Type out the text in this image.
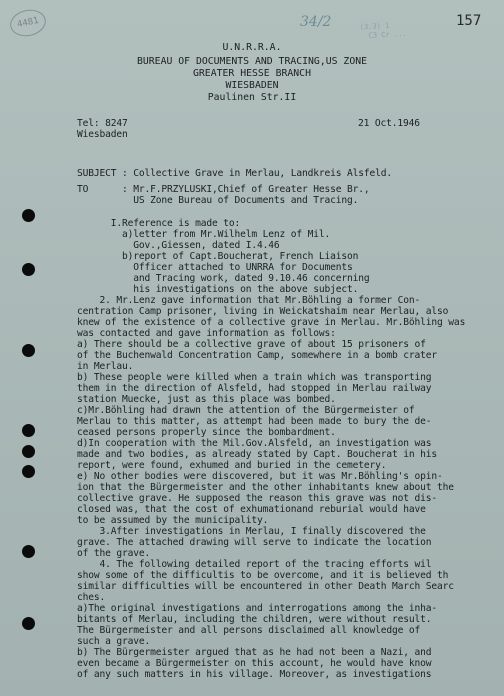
4481	34/2	(3.3) 1
C3 Cr ...
157
U.N.R.R.A.
BUREAU OF DOCUMENTS AND TRACING,US ZONE
GREATER HESSE BRANCH
WIESBADEN
Paulinen Str.II
Tel: 8247
Wiesbaden
21 Oct.1946
SUBJECT : Collective Grave in Merlau, Landkreis Alsfeld.
TO      : Mr.F.PRZYLUSKI,Chief of Greater Hesse Br.,
US Zone Bureau of Documents and Tracing.
I.Reference is made to:
a)letter from Mr.Wilhelm Lenz of Mil.
Gov.,Giessen, dated I.4.46
b)report of Capt.Boucherat, French Liaison
Officer attached to UNRRA for Documents
and Tracing work, dated 9.10.46 concerning
his investigations on the above subject.
2. Mr.Lenz gave information that Mr.Böhling a former Con-
centration Camp prisoner, living in Weickatshaim near Merlau, also
knew of the existence of a collective grave in Merlau. Mr.Böhling was
was contacted and gave information as follows:
a) There should be a collective grave of about 15 prisoners of
of the Buchenwald Concentration Camp, somewhere in a bomb crater
in Merlau.
b) These people were killed when a train which was transporting
them in the direction of Alsfeld, had stopped in Merlau railway
station Muecke, just as this place was bombed.
c)Mr.Böhling had drawn the attention of the Bürgermeister of
Merlau to this matter, as attempt had been made to bury the de-
ceased persons properly since the bombardment.
d)In cooperation with the Mil.Gov.Alsfeld, an investigation was
made and two bodies, as already stated by Capt. Boucherat in his
report, were found, exhumed and buried in the cemetery.
e) No other bodies were discovered, but it was Mr.Böhling's opin-
ion that the Bürgermeister and the other inhabitants knew about the
collective grave. He supposed the reason this grave was not dis-
closed was, that the cost of exhumationand reburial would have
to be assumed by the municipality.
3.After investigations in Merlau, I finally discovered the
grave. The attached drawing will serve to indicate the location
of the grave.
4. The following detailed report of the tracing efforts wil
show some of the difficultis to be overcome, and it is believed th
similar difficulties will be encountered in other Death March Searc
ches.
a)The original investigations and interrogations among the inha-
bitants of Merlau, including the children, were without result.
The Bürgermeister and all persons disclaimed all knowledge of
such a grave.
b) The Bürgermeister argued that as he had not been a Nazi, and
even became a Bürgermeister on this account, he would have know
of any such matters in his village. Moreover, as investigations
